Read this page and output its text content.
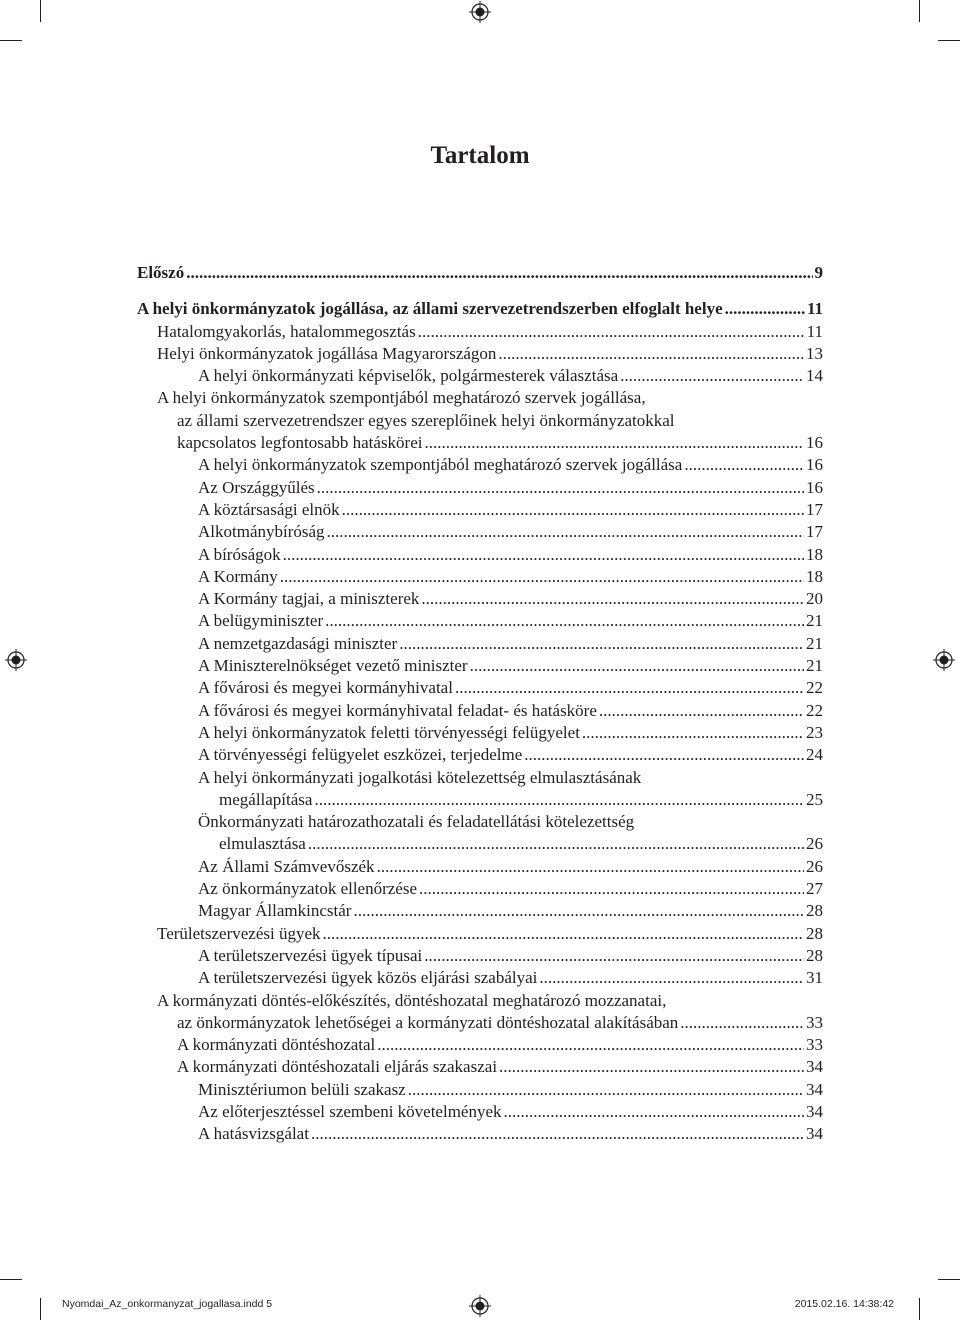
Tartalom
Előszó .....	9
A helyi önkormányzatok jogállása, az állami szervezetrendszerben elfoglalt helye .....	11
Hatalomgyakorlás, hatalommegosztás .....	11
Helyi önkormányzatok jogállása Magyarországon .....	13
A helyi önkormányzati képviselők, polgármesterek választása .....	14
A helyi önkormányzatok szempontjából meghatározó szervek jogállása,
az állami szervezetrendszer egyes szereplőinek helyi önkormányzatokkal
kapcsolatos legfontosabb hatáskörei .....	16
A helyi önkormányzatok szempontjából meghatározó szervek jogállása .....	16
Az Országgyűlés .....	16
A köztársasági elnök .....	17
Alkotmánybíróság .....	17
A bíróságok .....	18
A Kormány .....	18
A Kormány tagjai, a miniszterek .....	20
A belügyminiszter .....	21
A nemzetgazdasági miniszter .....	21
A Miniszterelnökséget vezető miniszter .....	21
A fővárosi és megyei kormányhivatal .....	22
A fővárosi és megyei kormányhivatal feladat- és hatásköre .....	22
A helyi önkormányzatok feletti törvényességi felügyelet .....	23
A törvényességi felügyelet eszközei, terjedelme .....	24
A helyi önkormányzati jogalkotási kötelezettség elmulasztásának
megállapítása .....	25
Önkormányzati határozathozatali és feladatellátási kötelezettség
elmulasztása .....	26
Az Állami Számvevőszék .....	26
Az önkormányzatok ellenőrzése .....	27
Magyar Államkincstár .....	28
Területszervezési ügyek .....	28
A területszervezési ügyek típusai .....	28
A területszervezési ügyek közös eljárási szabályai .....	31
A kormányzati döntés-előkészítés, döntéshozatal meghatározó mozzanatai,
az önkormányzatok lehetőségei a kormányzati döntéshozatal alakításában .....	33
A kormányzati döntéshozatal .....	33
A kormányzati döntéshozatali eljárás szakaszai .....	34
Minisztériumon belüli szakasz .....	34
Az előterjesztéssel szembeni követelmények .....	34
A hatásvizsgálat .....	34
Nyomdai_Az_onkormanyzat_jogallasa.indd 5	2015.02.16. 14:38:42
